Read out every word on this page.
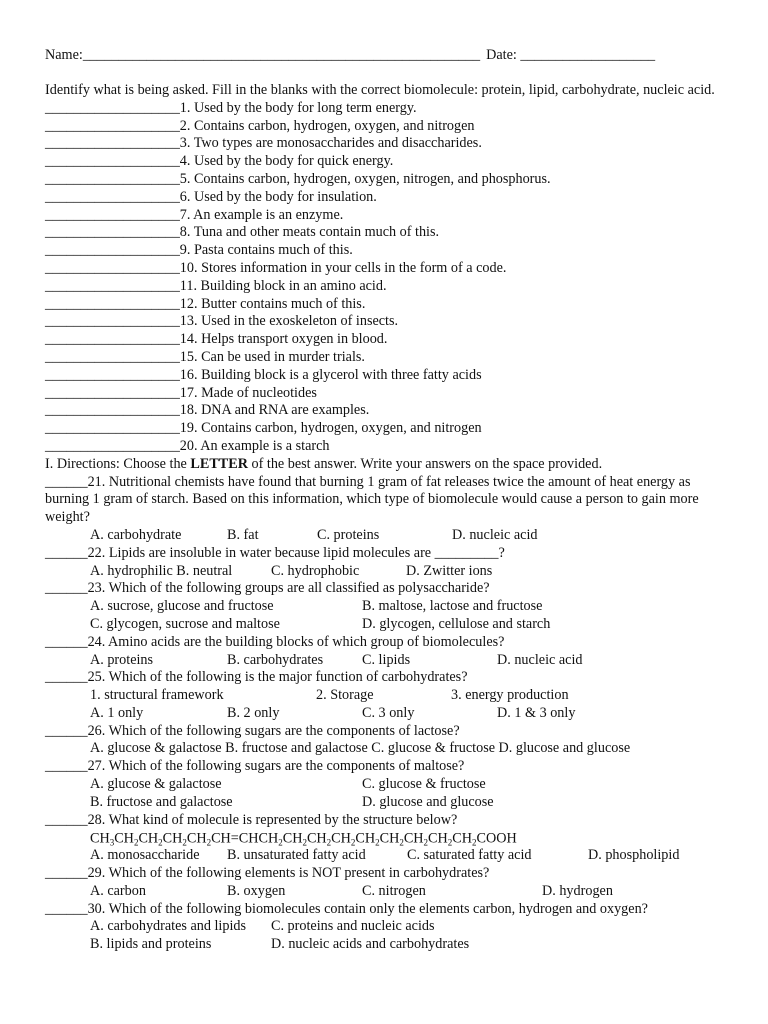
Name:________________________________________________________ Date: ___________________
Identify what is being asked. Fill in the blanks with the correct biomolecule: protein, lipid, carbohydrate, nucleic acid.
___________________1. Used by the body for long term energy.
___________________2. Contains carbon, hydrogen, oxygen, and nitrogen
___________________3. Two types are monosaccharides and disaccharides.
___________________4. Used by the body for quick energy.
___________________5. Contains carbon, hydrogen, oxygen, nitrogen, and phosphorus.
___________________6. Used by the body for insulation.
___________________7. An example is an enzyme.
___________________8. Tuna and other meats contain much of this.
___________________9. Pasta contains much of this.
___________________10. Stores information in your cells in the form of a code.
___________________11. Building block in an amino acid.
___________________12. Butter contains much of this.
___________________13. Used in the exoskeleton of insects.
___________________14. Helps transport oxygen in blood.
___________________15. Can be used in murder trials.
___________________16. Building block is a glycerol with three fatty acids
___________________17. Made of nucleotides
___________________18. DNA and RNA are examples.
___________________19. Contains carbon, hydrogen, oxygen, and nitrogen
___________________20. An example is a starch
I. Directions: Choose the LETTER of the best answer. Write your answers on the space provided.
______21. Nutritional chemists have found that burning 1 gram of fat releases twice the amount of heat energy as burning 1 gram of starch. Based on this information, which type of biomolecule would cause a person to gain more weight?
A. carbohydrate	B. fat	C. proteins	D. nucleic acid
______22. Lipids are insoluble in water because lipid molecules are _________?
A. hydrophilic B. neutral	C. hydrophobic	D. Zwitter ions
______23. Which of the following groups are all classified as polysaccharide?
A. sucrose, glucose and fructose	B. maltose, lactose and fructose
C. glycogen, sucrose and maltose	D. glycogen, cellulose and starch
______24. Amino acids are the building blocks of which group of biomolecules?
A. proteins	B. carbohydrates	C. lipids	D. nucleic acid
______25. Which of the following is the major function of carbohydrates?
1. structural framework	2. Storage	3. energy production
A. 1 only	B. 2 only	C. 3 only	D. 1 & 3 only
______26. Which of the following sugars are the components of lactose?
A. glucose & galactose B. fructose and galactose C. glucose & fructose D. glucose and glucose
______27. Which of the following sugars are the components of maltose?
A. glucose & galactose	C. glucose & fructose
B. fructose and galactose	D. glucose and glucose
______28. What kind of molecule is represented by the structure below?
$CH_3CH_2CH_2CH_2CH_2CH=CHCH_2CH_2CH_2CH_2CH_2CH_2CH_2CH_2CH_2COOH$
A. monosaccharide B. unsaturated fatty acid	C. saturated fatty acid	D. phospholipid
______29. Which of the following elements is NOT present in carbohydrates?
A. carbon	B. oxygen	C. nitrogen	D. hydrogen
______30. Which of the following biomolecules contain only the elements carbon, hydrogen and oxygen?
A. carbohydrates and lipids C. proteins and nucleic acids
B. lipids and proteins	D. nucleic acids and carbohydrates
